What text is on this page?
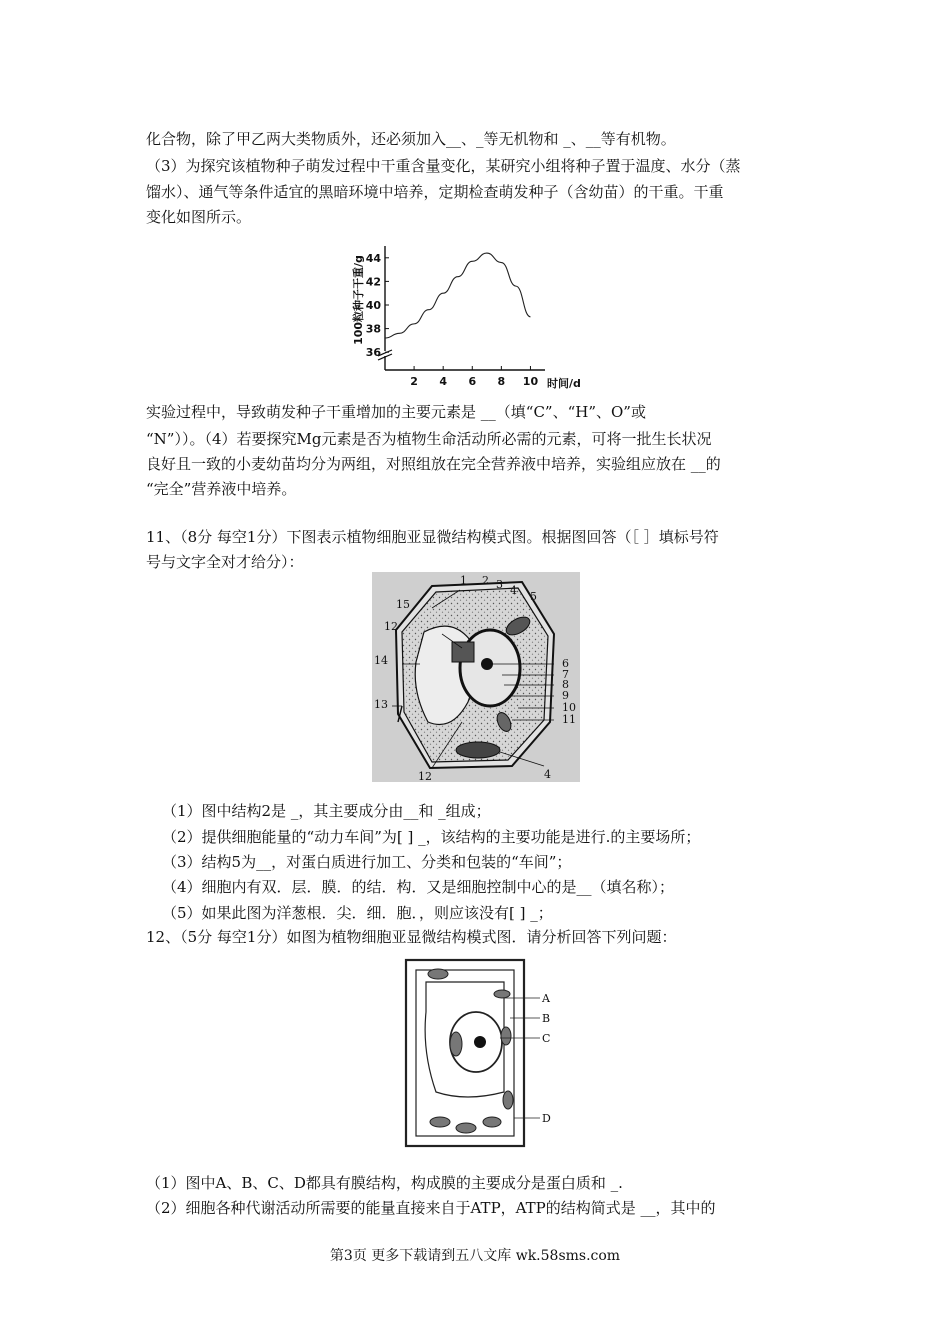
化合物，除了甲乙两大类物质外，还必须加入__、_等无机物和 _、__等有机物。
（3）为探究该植物种子萌发过程中干重含量变化，某研究小组将种子置于温度、水分（蒸
馏水）、通气等条件适宜的黑暗环境中培养，定期检查萌发种子（含幼苗）的干重。干重
变化如图所示。
100粒种子干重/g
时间/d
2 4 6 8 10
36
38
40
42
44
实验过程中，导致萌发种子干重增加的主要元素是 __（填“C”、“H”、O”或
“N”））。（4）若要探究Mg元素是否为植物生命活动所必需的元素，可将一批生长状况
良好且一致的小麦幼苗均分为两组，对照组放在完全营养液中培养，实验组应放在 __的
“完全”营养液中培养。
11、（8分 每空1分）下图表示植物细胞亚显微结构模式图。根据图回答（［ ］填标号符
号与文字全对才给分）：
1 2 3 4 5
15
12
14
13
6
7
8
9
10
11
12	4
（1）图中结构2是 _，其主要成分由__和 _组成；
（2）提供细胞能量的“动力车间”为[ ] _，该结构的主要功能是进行.的主要场所；
（3）结构5为__，对蛋白质进行加工、分类和包装的“车间”；
（4）细胞内有双．层．膜．的结．构．又是细胞控制中心的是__（填名称）；
（5）如果此图为洋葱根．尖．细．胞．，则应该没有[ ] _；
12、（5分 每空1分）如图为植物细胞亚显微结构模式图．请分析回答下列问题：
A
B
C
D
（1）图中A、B、C、D都具有膜结构，构成膜的主要成分是蛋白质和 _.
（2）细胞各种代谢活动所需要的能量直接来自于ATP，ATP的结构简式是 __，其中的
第3页 更多下载请到五八文库 wk.58sms.com
